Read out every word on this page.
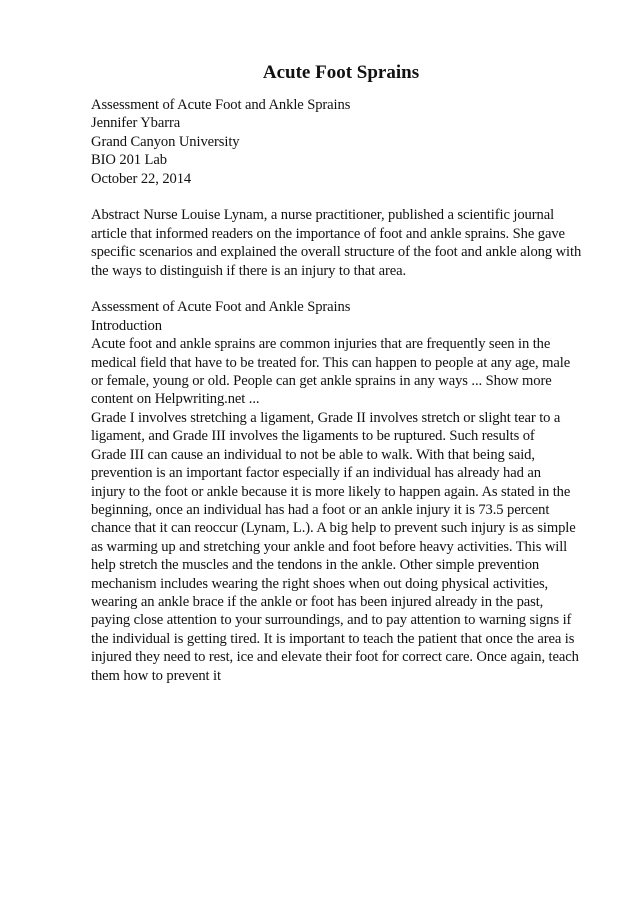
Acute Foot Sprains
Assessment of Acute Foot and Ankle Sprains
Jennifer Ybarra
Grand Canyon University
BIO 201 Lab
October 22, 2014
Abstract Nurse Louise Lynam, a nurse practitioner, published a scientific journal
article that informed readers on the importance of foot and ankle sprains. She gave
specific scenarios and explained the overall structure of the foot and ankle along with
the ways to distinguish if there is an injury to that area.
Assessment of Acute Foot and Ankle Sprains
Introduction
Acute foot and ankle sprains are common injuries that are frequently seen in the
medical field that have to be treated for. This can happen to people at any age, male
or female, young or old. People can get ankle sprains in any ways ... Show more
content on Helpwriting.net ...
Grade I involves stretching a ligament, Grade II involves stretch or slight tear to a
ligament, and Grade III involves the ligaments to be ruptured. Such results of
Grade III can cause an individual to not be able to walk. With that being said,
prevention is an important factor especially if an individual has already had an
injury to the foot or ankle because it is more likely to happen again. As stated in the
beginning, once an individual has had a foot or an ankle injury it is 73.5 percent
chance that it can reoccur (Lynam, L.). A big help to prevent such injury is as simple
as warming up and stretching your ankle and foot before heavy activities. This will
help stretch the muscles and the tendons in the ankle. Other simple prevention
mechanism includes wearing the right shoes when out doing physical activities,
wearing an ankle brace if the ankle or foot has been injured already in the past,
paying close attention to your surroundings, and to pay attention to warning signs if
the individual is getting tired. It is important to teach the patient that once the area is
injured they need to rest, ice and elevate their foot for correct care. Once again, teach
them how to prevent it
